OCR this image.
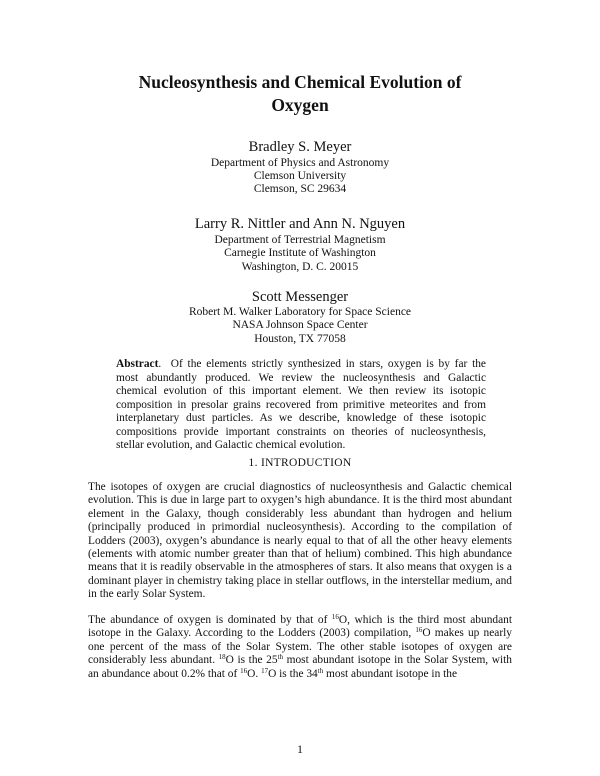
Nucleosynthesis and Chemical Evolution of Oxygen
Bradley S. Meyer
Department of Physics and Astronomy
Clemson University
Clemson, SC 29634
Larry R. Nittler and Ann N. Nguyen
Department of Terrestrial Magnetism
Carnegie Institute of Washington
Washington, D. C. 20015
Scott Messenger
Robert M. Walker Laboratory for Space Science
NASA Johnson Space Center
Houston, TX 77058

Abstract.  Of the elements strictly synthesized in stars, oxygen is by far the most abundantly produced. We review the nucleosynthesis and Galactic chemical evolution of this important element. We then review its isotopic composition in presolar grains recovered from primitive meteorites and from interplanetary dust particles. As we describe, knowledge of these isotopic compositions provide important constraints on theories of nucleosynthesis, stellar evolution, and Galactic chemical evolution.

1. INTRODUCTION

The isotopes of oxygen are crucial diagnostics of nucleosynthesis and Galactic chemical evolution. This is due in large part to oxygen’s high abundance. It is the third most abundant element in the Galaxy, though considerably less abundant than hydrogen and helium (principally produced in primordial nucleosynthesis). According to the compilation of Lodders (2003), oxygen’s abundance is nearly equal to that of all the other heavy elements (elements with atomic number greater than that of helium) combined. This high abundance means that it is readily observable in the atmospheres of stars. It also means that oxygen is a dominant player in chemistry taking place in stellar outflows, in the interstellar medium, and in the early Solar System.

The abundance of oxygen is dominated by that of $^{16}$O, which is the third most abundant isotope in the Galaxy. According to the Lodders (2003) compilation, $^{16}$O makes up nearly one percent of the mass of the Solar System. The other stable isotopes of oxygen are considerably less abundant. $^{18}$O is the 25th most abundant isotope in the Solar System, with an abundance about 0.2% that of $^{16}$O. $^{17}$O is the 34th most abundant isotope in the

1
